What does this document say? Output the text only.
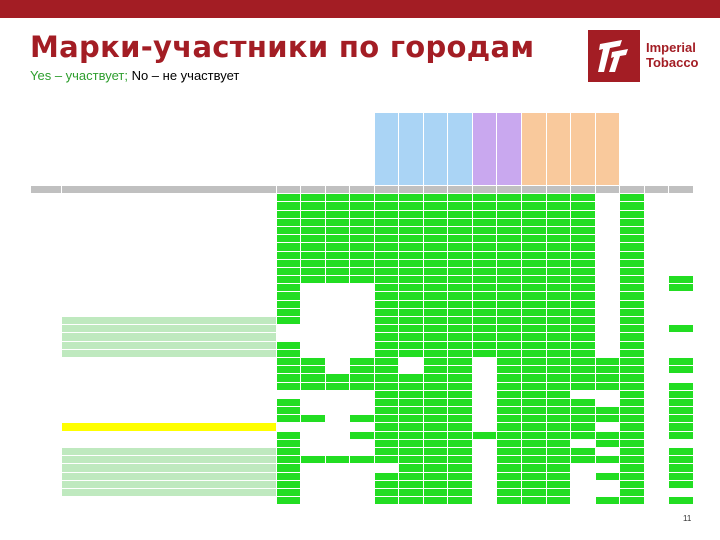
Марки-участники по городам
Yes – участвует; No – не участвует
Imperial
Tobacco

11
